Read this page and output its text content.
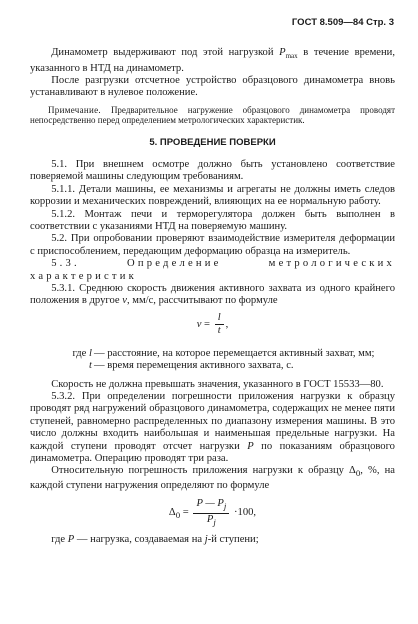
ГОСТ 8.509—84 Стр. 3

Динамометр выдерживают под этой нагрузкой $P_{max}$ в течение времени, указанного в НТД на динамометр.

После разгрузки отсчетное устройство образцового динамометра вновь устанавливают в нулевое положение.

Примечание. Предварительное нагружение образцового динамометра проводят непосредственно перед определением метрологических характеристик.

5. ПРОВЕДЕНИЕ ПОВЕРКИ

5.1. При внешнем осмотре должно быть установлено соответствие поверяемой машины следующим требованиям.

5.1.1. Детали машины, ее механизмы и агрегаты не должны иметь следов коррозии и механических повреждений, влияющих на ее нормальную работу.

5.1.2. Монтаж печи и терморегулятора должен быть выполнен в соответствии с указаниями НТД на поверяемую машину.

5.2. При опробовании проверяют взаимодействие измерителя деформации с приспособлением, передающим деформацию образца на измеритель.

5.3. Определение метрологических характеристик

5.3.1. Среднюю скорость движения активного захвата из одного крайнего положения в другое v, мм/с, рассчитывают по формуле

$v = \frac{l}{t}$ ,
где l — расстояние, на которое перемещается активный захват, мм;
t — время перемещения активного захвата, с.

Скорость не должна превышать значения, указанного в ГОСТ 15533—80.

5.3.2. При определении погрешности приложения нагрузки к образцу проводят ряд нагружений образцового динамометра, содержащих не менее пяти ступеней, равномерно распределенных по диапазону измерения машины. В это число должны входить наибольшая и наименьшая предельные нагрузки. На каждой ступени проводят отсчет нагрузки P по показаниям образцового динамометра. Операцию проводят три раза.

Относительную погрешность приложения нагрузки к образцу $\Delta_0$, %, на каждой ступени нагружения определяют по формуле

$\Delta_0 = \frac{P — P_j}{P_j} \cdot 100$,

где P — нагрузка, создаваемая на j-й ступени;
